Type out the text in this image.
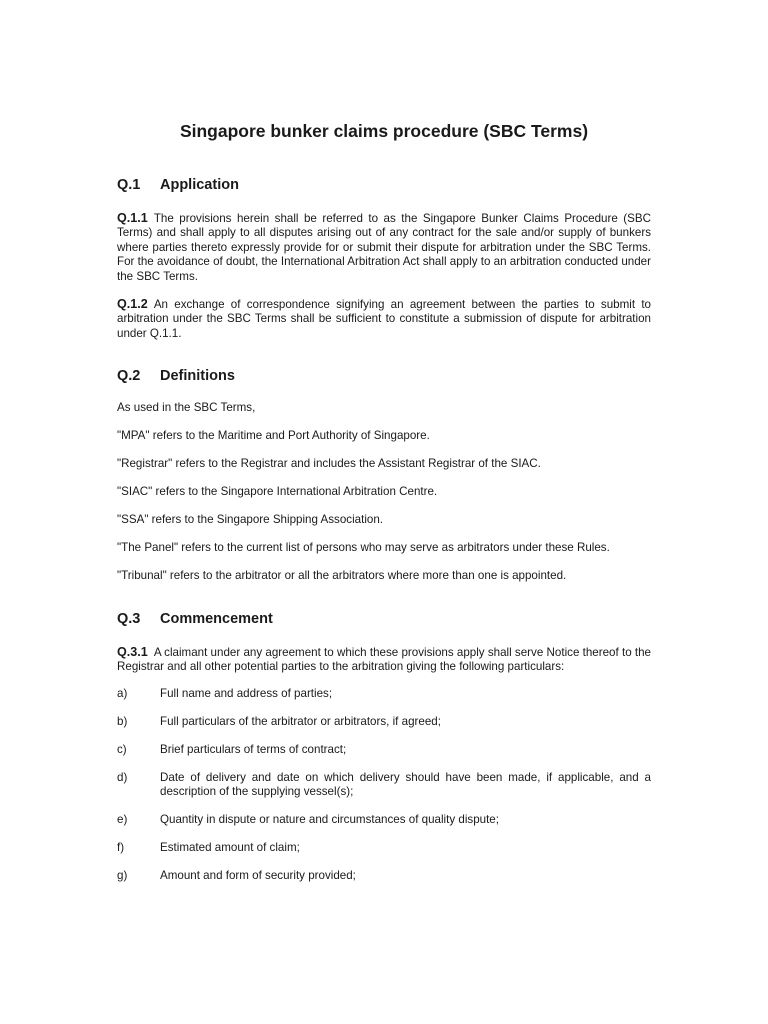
Singapore bunker claims procedure (SBC Terms)
Q.1 Application

Q.1.1 The provisions herein shall be referred to as the Singapore Bunker Claims Procedure (SBC Terms) and shall apply to all disputes arising out of any contract for the sale and/or supply of bunkers where parties thereto expressly provide for or submit their dispute for arbitration under the SBC Terms. For the avoidance of doubt, the International Arbitration Act shall apply to an arbitration conducted under the SBC Terms.

Q.1.2 An exchange of correspondence signifying an agreement between the parties to submit to arbitration under the SBC Terms shall be sufficient to constitute a submission of dispute for arbitration under Q.1.1.

Q.2 Definitions

As used in the SBC Terms,

"MPA" refers to the Maritime and Port Authority of Singapore.

"Registrar" refers to the Registrar and includes the Assistant Registrar of the SIAC.

"SIAC" refers to the Singapore International Arbitration Centre.

"SSA" refers to the Singapore Shipping Association.

"The Panel" refers to the current list of persons who may serve as arbitrators under these Rules.

"Tribunal" refers to the arbitrator or all the arbitrators where more than one is appointed.

Q.3 Commencement

Q.3.1 A claimant under any agreement to which these provisions apply shall serve Notice thereof to the Registrar and all other potential parties to the arbitration giving the following particulars:

a)	Full name and address of parties;
b)	Full particulars of the arbitrator or arbitrators, if agreed;
c)	Brief particulars of terms of contract;
d)	Date of delivery and date on which delivery should have been made, if applicable, and a description of the supplying vessel(s);
e)	Quantity in dispute or nature and circumstances of quality dispute;
f)	Estimated amount of claim;
g)	Amount and form of security provided;
